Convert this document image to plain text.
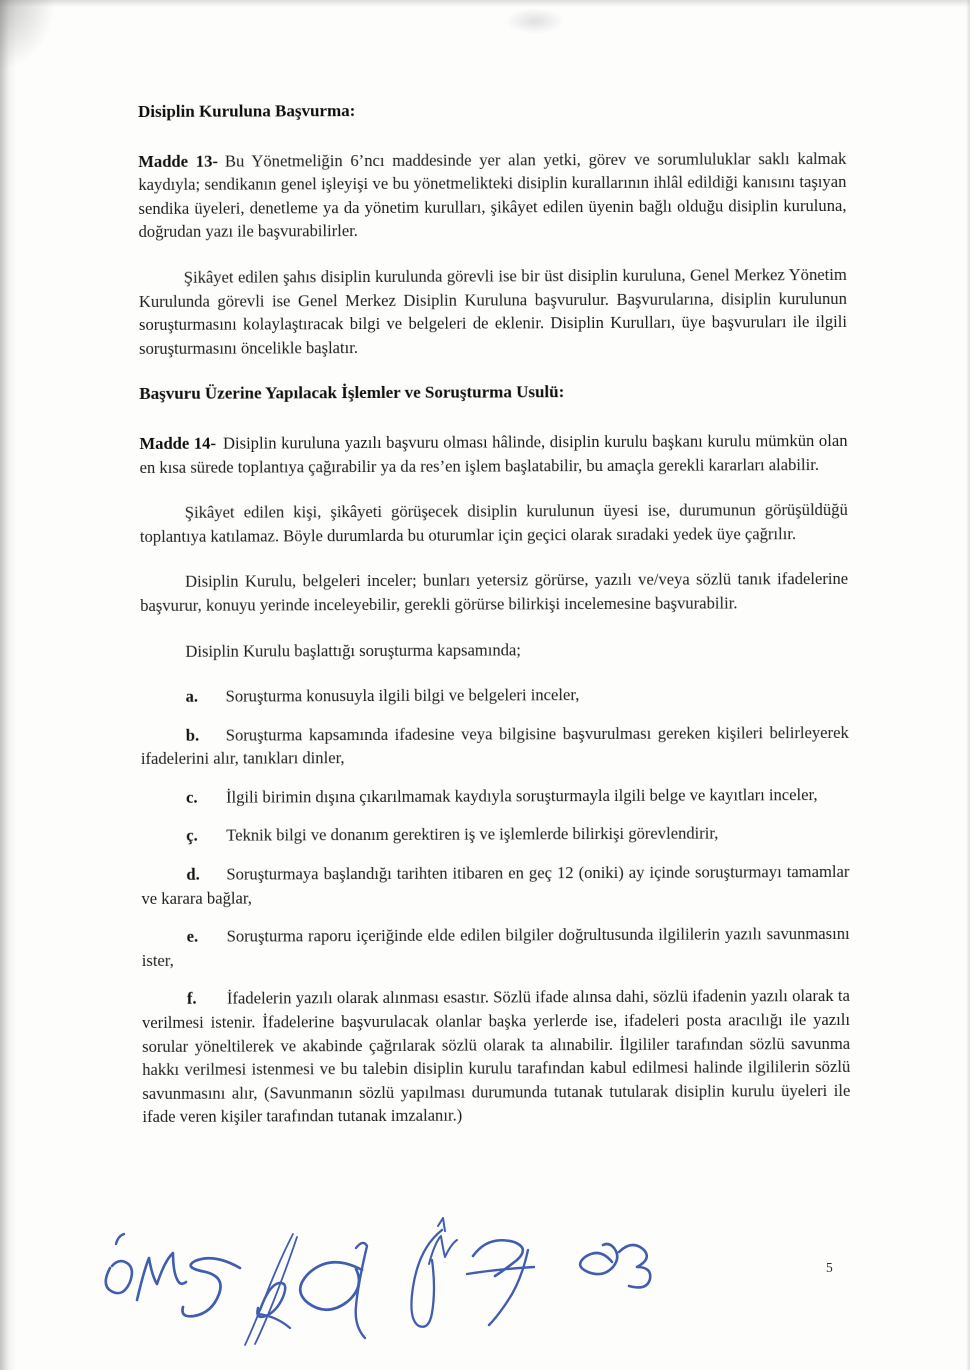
Disiplin Kuruluna Başvurma:

Madde 13- Bu Yönetmeliğin 6’ncı maddesinde yer alan yetki, görev ve sorumluluklar saklı kalmak kaydıyla; sendikanın genel işleyişi ve bu yönetmelikteki disiplin kurallarının ihlâl edildiği kanısını taşıyan sendika üyeleri, denetleme ya da yönetim kurulları, şikâyet edilen üyenin bağlı olduğu disiplin kuruluna, doğrudan yazı ile başvurabilirler.

Şikâyet edilen şahıs disiplin kurulunda görevli ise bir üst disiplin kuruluna, Genel Merkez Yönetim Kurulunda görevli ise Genel Merkez Disiplin Kuruluna başvurulur. Başvurularına, disiplin kurulunun soruşturmasını kolaylaştıracak bilgi ve belgeleri de eklenir. Disiplin Kurulları, üye başvuruları ile ilgili soruşturmasını öncelikle başlatır.

Başvuru Üzerine Yapılacak İşlemler ve Soruşturma Usulü:

Madde 14- Disiplin kuruluna yazılı başvuru olması hâlinde, disiplin kurulu başkanı kurulu mümkün olan en kısa sürede toplantıya çağırabilir ya da res’en işlem başlatabilir, bu amaçla gerekli kararları alabilir.

Şikâyet edilen kişi, şikâyeti görüşecek disiplin kurulunun üyesi ise, durumunun görüşüldüğü toplantıya katılamaz. Böyle durumlarda bu oturumlar için geçici olarak sıradaki yedek üye çağrılır.

Disiplin Kurulu, belgeleri inceler; bunları yetersiz görürse, yazılı ve/veya sözlü tanık ifadelerine başvurur, konuyu yerinde inceleyebilir, gerekli görürse bilirkişi incelemesine başvurabilir.

Disiplin Kurulu başlattığı soruşturma kapsamında;

a. Soruşturma konusuyla ilgili bilgi ve belgeleri inceler,

b. Soruşturma kapsamında ifadesine veya bilgisine başvurulması gereken kişileri belirleyerek ifadelerini alır, tanıkları dinler,

c. İlgili birimin dışına çıkarılmamak kaydıyla soruşturmayla ilgili belge ve kayıtları inceler,

ç. Teknik bilgi ve donanım gerektiren iş ve işlemlerde bilirkişi görevlendirir,

d. Soruşturmaya başlandığı tarihten itibaren en geç 12 (oniki) ay içinde soruşturmayı tamamlar ve karara bağlar,

e. Soruşturma raporu içeriğinde elde edilen bilgiler doğrultusunda ilgililerin yazılı savunmasını ister,

f. İfadelerin yazılı olarak alınması esastır. Sözlü ifade alınsa dahi, sözlü ifadenin yazılı olarak ta verilmesi istenir. İfadelerine başvurulacak olanlar başka yerlerde ise, ifadeleri posta aracılığı ile yazılı sorular yöneltilerek ve akabinde çağrılarak sözlü olarak ta alınabilir. İlgililer tarafından sözlü savunma hakkı verilmesi istenmesi ve bu talebin disiplin kurulu tarafından kabul edilmesi halinde ilgililerin sözlü savunmasını alır, (Savunmanın sözlü yapılması durumunda tutanak tutularak disiplin kurulu üyeleri ile ifade veren kişiler tarafından tutanak imzalanır.)

5
